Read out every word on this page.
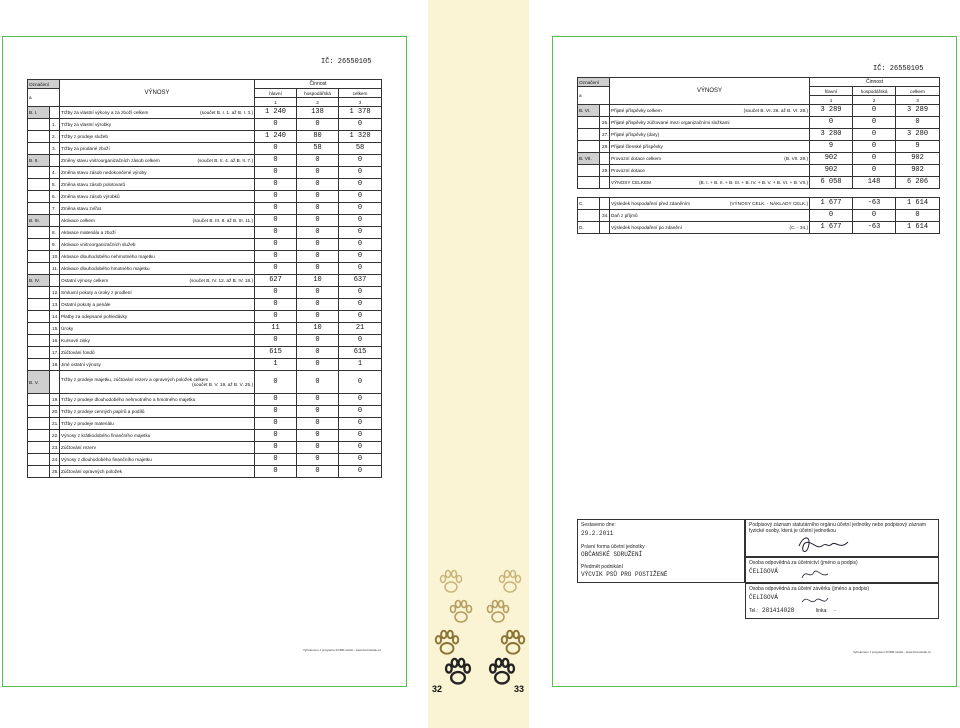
IČ: 26550105
Označení		VÝNOSY	Činnost		
a			hlavní	hospodářská	celkem
			1	2	3
B. I.		Tržby za vlastní výkony a za zboží celkem (součet B. I. 1. až B. I. 3.)	1 240	138	1 378
	1.	Tržby za vlastní výrobky	0	0	0
	2.	Tržby z prodeje služeb	1 240	80	1 320
	3.	Tržby za prodané zboží	0	58	58
B. II.		Změny stavu vnitroorganizačních zásob celkem (součet B. II. 4. až B. II. 7.)	0	0	0
	4.	Změna stavu zásob nedokončené výroby	0	0	0
	5.	Změna stavu zásob polotovarů	0	0	0
	6.	Změna stavu zásob výrobků	0	0	0
	7.	Změna stavu zvířat	0	0	0
B. III.		Aktivace celkem (součet B. III. 8. až B. III. 11.)	0	0	0
	8.	Aktivace materiálu a zboží	0	0	0
	9.	Aktivace vnitroorganizačních služeb	0	0	0
	10.	Aktivace dlouhodobého nehmotného majetku	0	0	0
	11.	Aktivace dlouhodobého hmotného majetku	0	0	0
B. IV.		Ostatní výnosy celkem (součet B. IV. 12. až B. IV. 18.)	627	10	637
	12.	Smluvní pokuty a úroky z prodlení	0	0	0
	13.	Ostatní pokuty a penále	0	0	0
	14.	Platby za odepsané pohledávky	0	0	0
	15.	Úroky	11	10	21
	16.	Kursové zisky	0	0	0
	17.	Zúčtování fondů	615	0	615
	18.	Jiné ostatní výnosy	1	0	1
B. V.		Tržby z prodeje majetku, zúčtování rezerv a opravných položek celkem
(součet B. V. 19. až B. V. 25.)	0	0	0
	19.	Tržby z prodeje dlouhodobého nehmotného a hmotného majetku	0	0	0
	20.	Tržby z prodeje cenných papírů a podílů	0	0	0
	21.	Tržby z prodeje materiálu	0	0	0
	22.	Výnosy z krátkodobého finančního majetku	0	0	0
	23.	Zúčtování rezerv	0	0	0
	24.	Výnosy z dlouhodobého finančního majetku	0	0	0
	25.	Zúčtování opravných položek	0	0	0
Vyhotoveno z programu FORM studio - www.formstudio.cz
IČ: 26550105
Označení		VÝNOSY	Činnost		
a			hlavní	hospodářská	celkem
			1	2	3
B. VI.		Přijaté příspěvky celkem (součet B. VI. 26. až B. VI. 28.)	3 289	0	3 289
	26.	Přijaté příspěvky zúčtované mezi organizačními složkami	0	0	0
	27.	Přijaté příspěvky (dary)	3 280	0	3 280
	28.	Přijaté členské příspěvky	9	0	9
B. VII.		Provozní dotace celkem (B. VII. 29.)	902	0	902
	29.	Provozní dotace	902	0	902
		VÝNOSY CELKEM (B. I. + B. II. + B. III. + B. IV. + B. V. + B. VI. + B. VII.)	6 058	148	6 206

C.		Výsledek hospodaření před zdaněním (VÝNOSY CELK. - NÁKLADY CELK.)	1 677	-63	1 614
	34.	Daň z příjmů	0	0	0
D.		Výsledek hospodaření po zdanění (C. - 34.)	1 677	-63	1 614
Sestaveno dne:
29.2.2011
Právní forma účetní jednotky
OBČANSKÉ SDRUŽENÍ
Předmět podnikání
VÝCVIK PSŮ PRO POSTIŽENÉ
Podpisový záznam statutárního orgánu účetní jednotky nebo podpisový záznam fyzické osoby, která je účetní jednotkou
Osoba odpovědná za účetnictví (jméno a podpis)
ČELIGOVÁ
Osoba odpovědná za účetní závěrku (jméno a podpis)
ČELIGOVÁ
Tel.: 281414028	linka: -
Vyhotoveno z programu FORM studio - www.formstudio.cz
32	33
